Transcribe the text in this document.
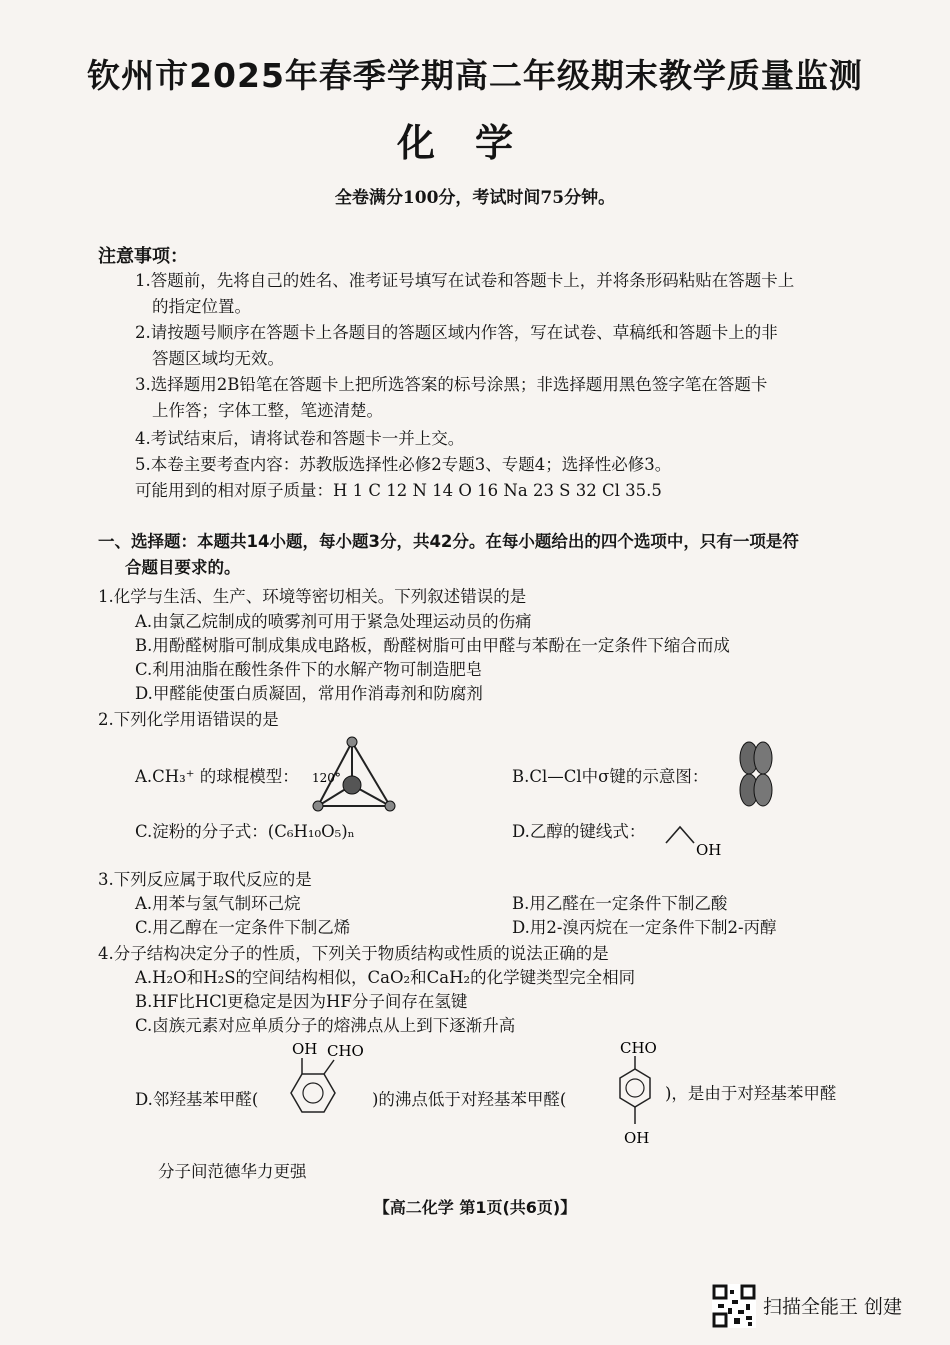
钦州市2025年春季学期高二年级期末教学质量监测
化学
全卷满分100分，考试时间75分钟。
注意事项：
1.答题前，先将自己的姓名、准考证号填写在试卷和答题卡上，并将条形码粘贴在答题卡上
的指定位置。
2.请按题号顺序在答题卡上各题目的答题区域内作答，写在试卷、草稿纸和答题卡上的非
答题区域均无效。
3.选择题用2B铅笔在答题卡上把所选答案的标号涂黑；非选择题用黑色签字笔在答题卡
上作答；字体工整，笔迹清楚。
4.考试结束后，请将试卷和答题卡一并上交。
5.本卷主要考查内容：苏教版选择性必修2专题3、专题4；选择性必修3。
可能用到的相对原子质量：H 1 C 12 N 14 O 16 Na 23 S 32 Cl 35.5
一、选择题：本题共14小题，每小题3分，共42分。在每小题给出的四个选项中，只有一项是符
合题目要求的。
1.化学与生活、生产、环境等密切相关。下列叙述错误的是
A.由氯乙烷制成的喷雾剂可用于紧急处理运动员的伤痛
B.用酚醛树脂可制成集成电路板，酚醛树脂可由甲醛与苯酚在一定条件下缩合而成
C.利用油脂在酸性条件下的水解产物可制造肥皂
D.甲醛能使蛋白质凝固，常用作消毒剂和防腐剂
2.下列化学用语错误的是
A.CH₃⁺ 的球棍模型： 120°	B.Cl—Cl中σ键的示意图：
C.淀粉的分子式：(C₆H₁₀O₅)ₙ	D.乙醇的键线式：
OH
3.下列反应属于取代反应的是
A.用苯与氢气制环己烷	B.用乙醛在一定条件下制乙酸
C.用乙醇在一定条件下制乙烯	D.用2-溴丙烷在一定条件下制2-丙醇
4.分子结构决定分子的性质，下列关于物质结构或性质的说法正确的是
A.H₂O和H₂S的空间结构相似，CaO₂和CaH₂的化学键类型完全相同
B.HF比HCl更稳定是因为HF分子间存在氢键
C.卤族元素对应单质分子的熔沸点从上到下逐渐升高
D.邻羟基苯甲醛(
OH CHO
)的沸点低于对羟基苯甲醛(
CHO
OH
)，是由于对羟基苯甲醛
分子间范德华力更强
【高二化学 第1页(共6页)】
扫描全能王 创建
